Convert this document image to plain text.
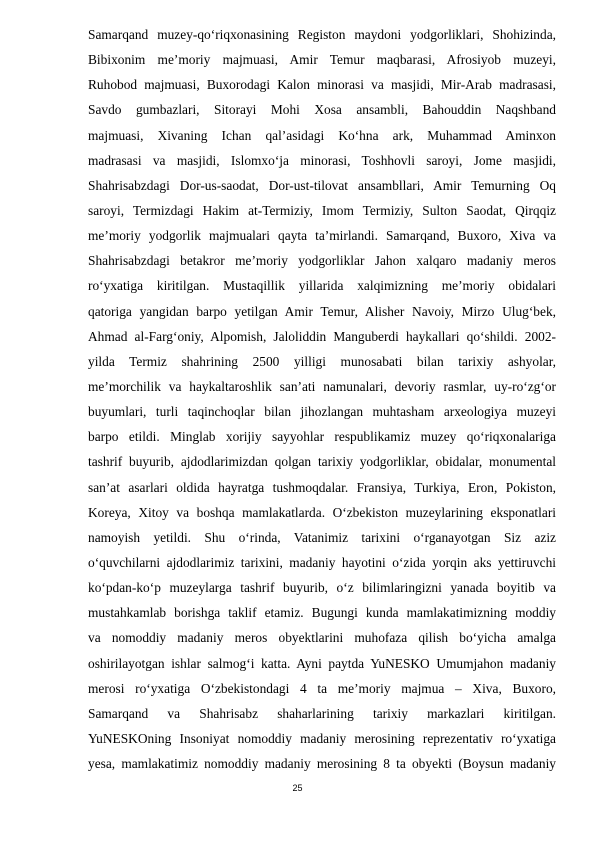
Samarqand muzey-qo‘riqxonasining Registon maydoni yodgorliklari, Shohizinda,
Bibixonim me’moriy majmuasi, Amir Temur maqbarasi, Afrosiyob muzeyi,
Ruhobod majmuasi, Buxorodagi Kalon minorasi va masjidi, Mir-Arab madrasasi,
Savdo gumbazlari, Sitorayi Mohi Xosa ansambli, Bahouddin Naqshband
majmuasi, Xivaning Ichan qal’asidagi Ko‘hna ark, Muhammad Aminxon
madrasasi va masjidi, Islomxo‘ja minorasi, Toshhovli saroyi, Jome masjidi,
Shahrisabzdagi Dor-us-saodat, Dor-ust-tilovat ansambllari, Amir Temurning Oq
saroyi, Termizdagi Hakim at-Termiziy, Imom Termiziy, Sulton Saodat, Qirqqiz
me’moriy yodgorlik majmualari qayta ta’mirlandi. Samarqand, Buxoro, Xiva va
Shahrisabzdagi betakror me’moriy yodgorliklar Jahon xalqaro madaniy meros
ro‘yxatiga kiritilgan. Mustaqillik yillarida xalqimizning me’moriy obidalari
qatoriga yangidan barpo yetilgan Amir Temur, Alisher Navoiy, Mirzo Ulug‘bek,
Ahmad al-Farg‘oniy, Alpomish, Jaloliddin Manguberdi haykallari qo‘shildi. 2002-
yilda Termiz shahrining 2500 yilligi munosabati bilan tarixiy ashyolar,
me’morchilik va haykaltaroshlik san’ati namunalari, devoriy rasmlar, uy-ro‘zg‘or
buyumlari, turli taqinchoqlar bilan jihozlangan muhtasham arxeologiya muzeyi
barpo etildi. Minglab xorijiy sayyohlar respublikamiz muzey qo‘riqxonalariga
tashrif buyurib, ajdodlarimizdan qolgan tarixiy yodgorliklar, obidalar, monumental
san’at asarlari oldida hayratga tushmoqdalar. Fransiya, Turkiya, Eron, Pokiston,
Koreya, Xitoy va boshqa mamlakatlarda. O‘zbekiston muzeylarining eksponatlari
namoyish yetildi. Shu o‘rinda, Vatanimiz tarixini o‘rganayotgan Siz aziz
o‘quvchilarni ajdodlarimiz tarixini, madaniy hayotini o‘zida yorqin aks yettiruvchi
ko‘pdan-ko‘p muzeylarga tashrif buyurib, o‘z bilimlaringizni yanada boyitib va
mustahkamlab borishga taklif etamiz. Bugungi kunda mamlakatimizning moddiy
va nomoddiy madaniy meros obyektlarini muhofaza qilish bo‘yicha amalga
oshirilayotgan ishlar salmog‘i katta. Ayni paytda YuNESKO Umumjahon madaniy
merosi ro‘yxatiga O‘zbekistondagi 4 ta me’moriy majmua – Xiva, Buxoro,
Samarqand va Shahrisabz shaharlarining tarixiy markazlari kiritilgan.
YuNESKOning Insoniyat nomoddiy madaniy merosining reprezentativ ro‘yxatiga
yesa, mamlakatimiz nomoddiy madaniy merosining 8 ta obyekti (Boysun madaniy
25
